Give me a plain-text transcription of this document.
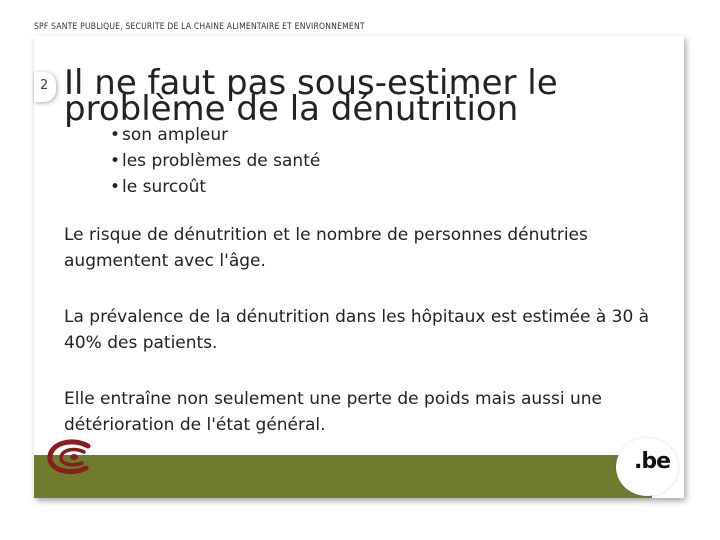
SPF SANTE PUBLIQUE, SECURITE DE LA CHAINE ALIMENTAIRE ET ENVIRONNEMENT
2 Il ne faut pas sous-estimer le problème de la dénutrition
• son ampleur
• les problèmes de santé
• le surcoût

Le risque de dénutrition et le nombre de personnes dénutries augmentent avec l'âge.

La prévalence de la dénutrition dans les hôpitaux est estimée à 30 à 40% des patients.

Elle entraîne non seulement une perte de poids mais aussi une détérioration de l'état général.

.be
